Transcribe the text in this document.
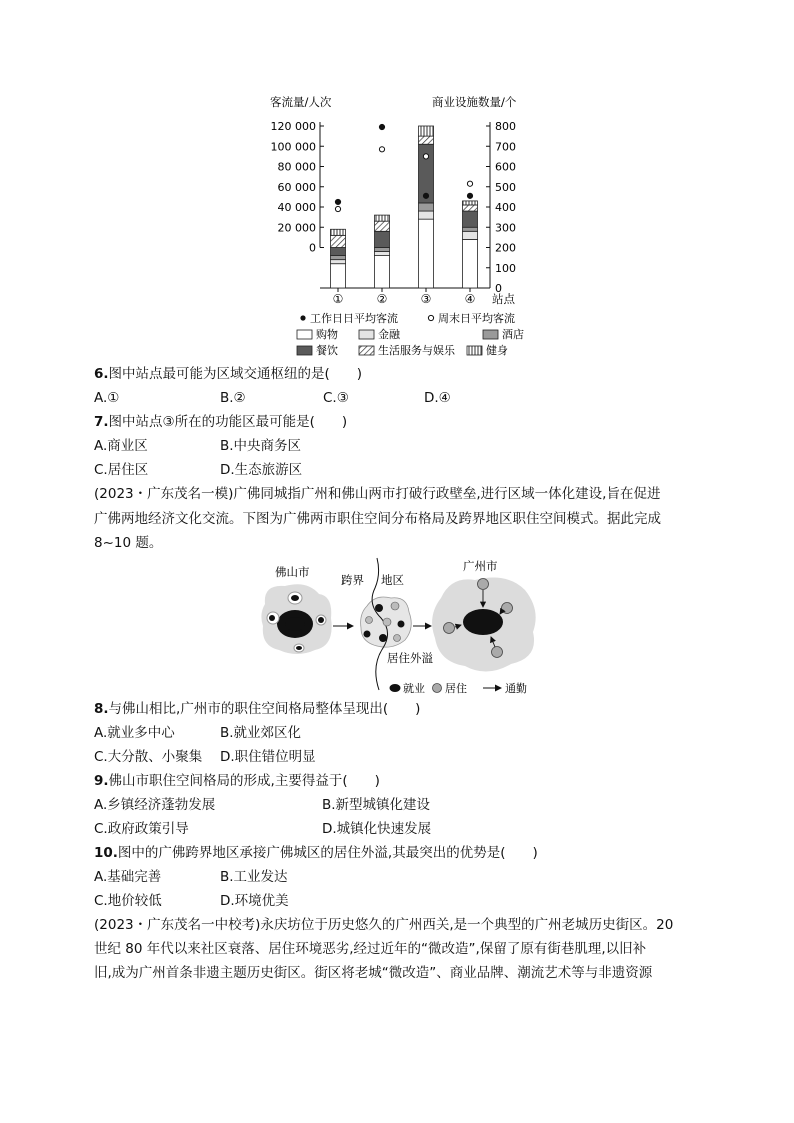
客流量/人次	商业设施数量/个
120 000
100 000
80 000
60 000
40 000
20 000
0
800
700
600
500
400
300
200
100
0
①	②	③	④ 站点
工作日日平均客流	周末日平均客流
购物	金融	酒店
餐饮	生活服务与娱乐	健身
6.图中站点最可能为区域交通枢纽的是(　　)
A.①	B.②	C.③	D.④
7.图中站点③所在的功能区最可能是(　　)
A.商业区	B.中央商务区
C.居住区	D.生态旅游区
(2023・广东茂名一模)广佛同城指广州和佛山两市打破行政壁垒,进行区域一体化建设,旨在促进
广佛两地经济文化交流。下图为广佛两市职住空间分布格局及跨界地区职住空间模式。据此完成
8~10 题。
佛山市
跨界 地区
居住外溢
广州市
就业 居住	通勤
8.与佛山相比,广州市的职住空间格局整体呈现出(　　)
A.就业多中心	B.就业郊区化
C.大分散、小聚集 D.职住错位明显
9.佛山市职住空间格局的形成,主要得益于(　　)
A.乡镇经济蓬勃发展	B.新型城镇化建设
C.政府政策引导	D.城镇化快速发展
10.图中的广佛跨界地区承接广佛城区的居住外溢,其最突出的优势是(　　)
A.基础完善	B.工业发达
C.地价较低	D.环境优美
(2023・广东茂名一中校考)永庆坊位于历史悠久的广州西关,是一个典型的广州老城历史街区。20
世纪 80 年代以来社区衰落、居住环境恶劣,经过近年的“微改造”,保留了原有街巷肌理,以旧补
旧,成为广州首条非遗主题历史街区。街区将老城“微改造”、商业品牌、潮流艺术等与非遗资源
